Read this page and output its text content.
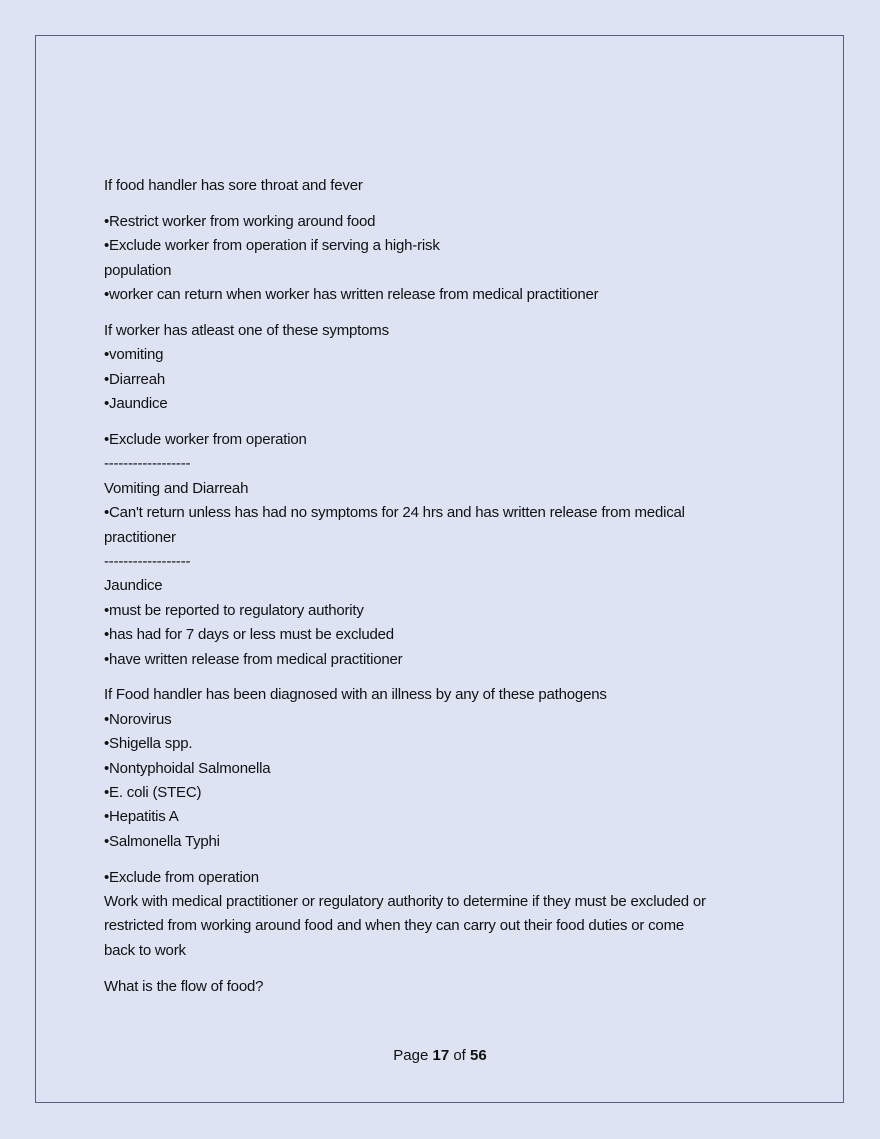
If food handler has sore throat and fever
•Restrict worker from working around food
•Exclude worker from operation if serving a high-risk
population
•worker can return when worker has written release from medical practitioner
If worker has atleast one of these symptoms
•vomiting
•Diarreah
•Jaundice
•Exclude worker from operation
------------------
Vomiting and Diarreah
•Can't return unless has had no symptoms for 24 hrs and has written release from medical
practitioner
------------------
Jaundice
•must be reported to regulatory authority
•has had for 7 days or less must be excluded
•have written release from medical practitioner
If Food handler has been diagnosed with an illness by any of these pathogens
•Norovirus
•Shigella spp.
•Nontyphoidal Salmonella
•E. coli (STEC)
•Hepatitis A
•Salmonella Typhi
•Exclude from operation
Work with medical practitioner or regulatory authority to determine if they must be excluded or
restricted from working around food and when they can carry out their food duties or come
back to work
What is the flow of food?
Page 17 of 56
